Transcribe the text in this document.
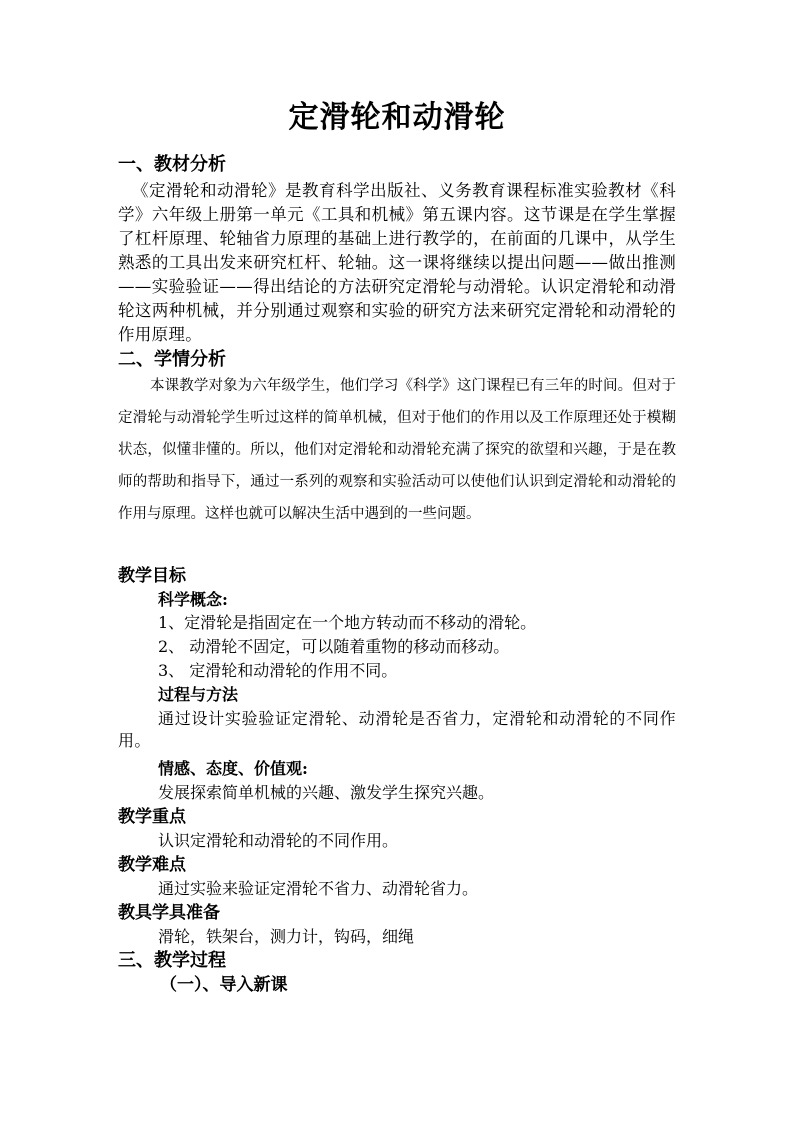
定滑轮和动滑轮
一、教材分析
《定滑轮和动滑轮》是教育科学出版社、义务教育课程标准实验教材《科学》六年级上册第一单元《工具和机械》第五课内容。这节课是在学生掌握了杠杆原理、轮轴省力原理的基础上进行教学的，在前面的几课中，从学生熟悉的工具出发来研究杠杆、轮轴。这一课将继续以提出问题——做出推测——实验验证——得出结论的方法研究定滑轮与动滑轮。认识定滑轮和动滑轮这两种机械，并分别通过观察和实验的研究方法来研究定滑轮和动滑轮的作用原理。
二、学情分析
本课教学对象为六年级学生，他们学习《科学》这门课程已有三年的时间。但对于定滑轮与动滑轮学生听过这样的简单机械，但对于他们的作用以及工作原理还处于模糊状态，似懂非懂的。所以，他们对定滑轮和动滑轮充满了探究的欲望和兴趣，于是在教师的帮助和指导下，通过一系列的观察和实验活动可以使他们认识到定滑轮和动滑轮的作用与原理。这样也就可以解决生活中遇到的一些问题。
教学目标
科学概念:
1、定滑轮是指固定在一个地方转动而不移动的滑轮。
2、 动滑轮不固定，可以随着重物的移动而移动。
3、 定滑轮和动滑轮的作用不同。
过程与方法
通过设计实验验证定滑轮、动滑轮是否省力，定滑轮和动滑轮的不同作用。
情感、态度、价值观:
发展探索简单机械的兴趣、激发学生探究兴趣。
教学重点
认识定滑轮和动滑轮的不同作用。
教学难点
通过实验来验证定滑轮不省力、动滑轮省力。
教具学具准备
滑轮，铁架台，测力计，钩码，细绳
三、教学过程
（一）、导入新课
